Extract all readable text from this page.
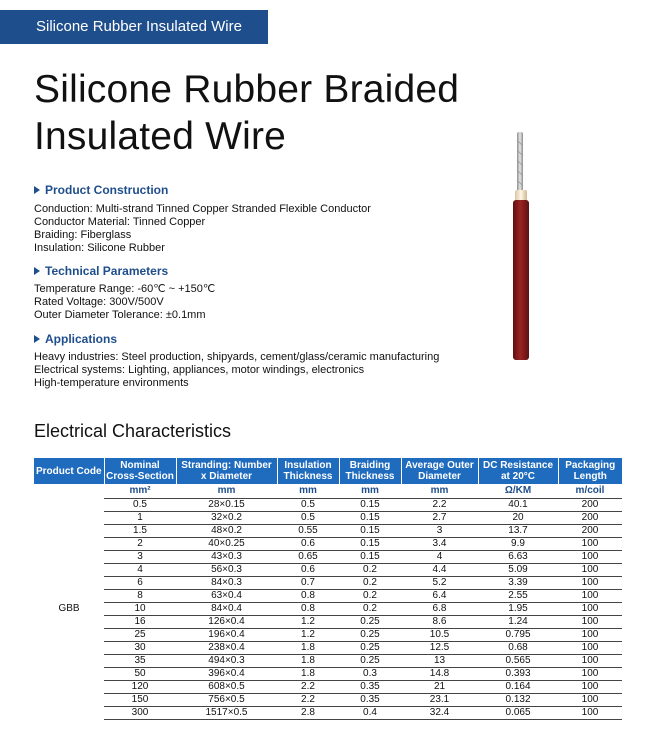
Silicone Rubber Insulated Wire
Silicone Rubber Braided
Insulated Wire
Product Construction
Conduction: Multi-strand Tinned Copper Stranded Flexible Conductor
Conductor Material: Tinned Copper
Braiding: Fiberglass
Insulation: Silicone Rubber
Technical Parameters
Temperature Range: -60℃ ~ +150℃
Rated Voltage: 300V/500V
Outer Diameter Tolerance: ±0.1mm
Applications
Heavy industries: Steel production, shipyards, cement/glass/ceramic manufacturing
Electrical systems: Lighting, appliances, motor windings, electronics
High-temperature environments
Electrical Characteristics
Product Code	Nominal Cross-Section	Stranding: Number x Diameter	Insulation Thickness	Braiding Thickness	Average Outer Diameter	DC Resistance at 20°C	Packaging Length
	mm²	mm	mm	mm	mm	Ω/KM	m/coil
GBB	0.5	28×0.15	0.5	0.15	2.2	40.1	200
	1	32×0.2	0.5	0.15	2.7	20	200
	1.5	48×0.2	0.55	0.15	3	13.7	200
	2	40×0.25	0.6	0.15	3.4	9.9	100
	3	43×0.3	0.65	0.15	4	6.63	100
	4	56×0.3	0.6	0.2	4.4	5.09	100
	6	84×0.3	0.7	0.2	5.2	3.39	100
	8	63×0.4	0.8	0.2	6.4	2.55	100
	10	84×0.4	0.8	0.2	6.8	1.95	100
	16	126×0.4	1.2	0.25	8.6	1.24	100
	25	196×0.4	1.2	0.25	10.5	0.795	100
	30	238×0.4	1.8	0.25	12.5	0.68	100
	35	494×0.3	1.8	0.25	13	0.565	100
	50	396×0.4	1.8	0.3	14.8	0.393	100
	120	608×0.5	2.2	0.35	21	0.164	100
	150	756×0.5	2.2	0.35	23.1	0.132	100
	300	1517×0.5	2.8	0.4	32.4	0.065	100
